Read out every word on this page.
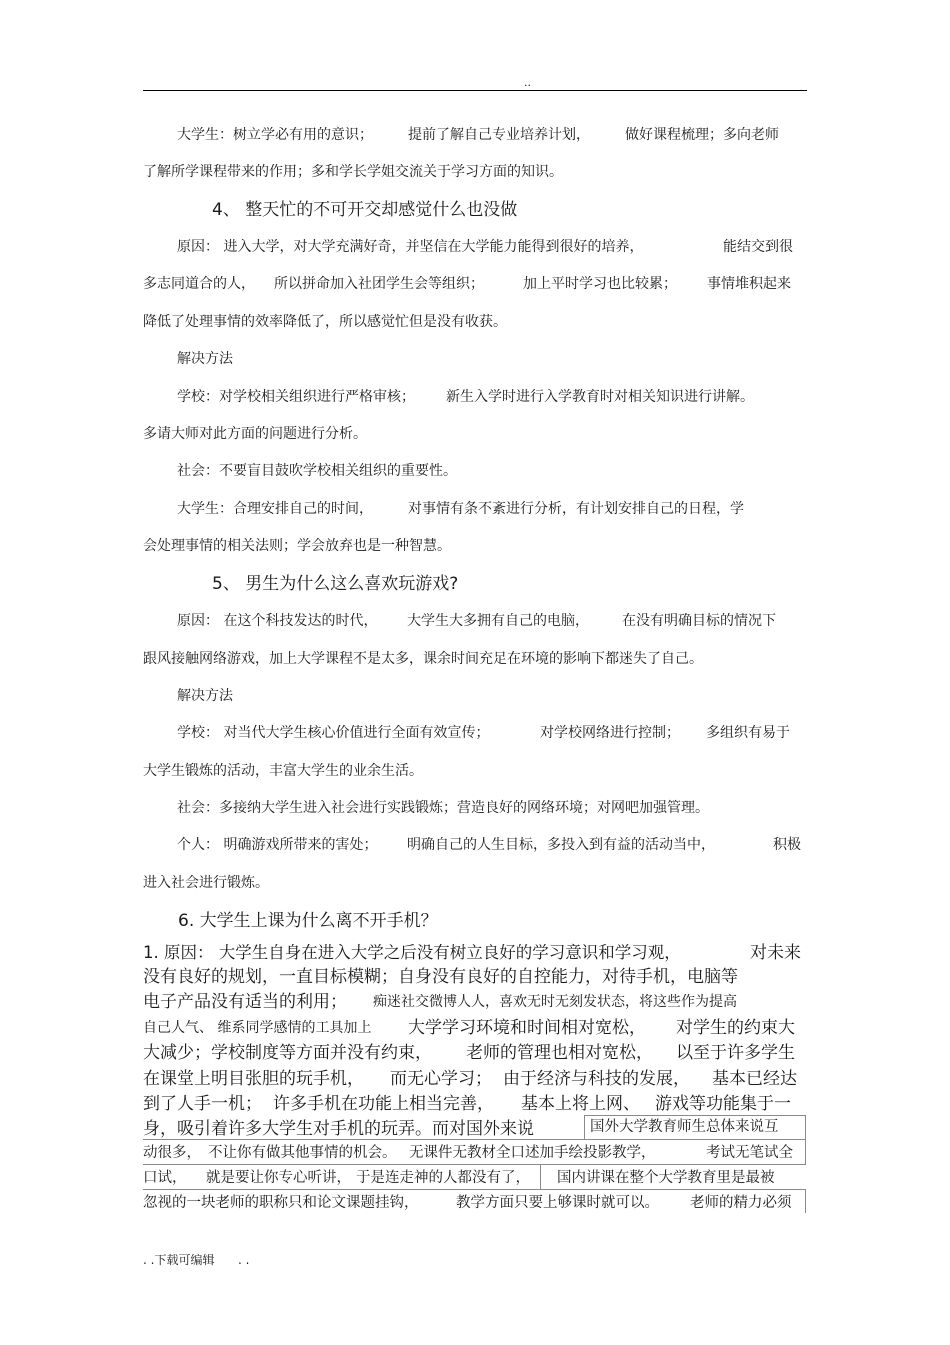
..
大学生：树立学必有用的意识；	提前了解自己专业培养计划，	做好课程梳理；多向老师
了解所学课程带来的作用；多和学长学姐交流关于学习方面的知识。
4、 整天忙的不可开交却感觉什么也没做
原因： 进入大学，对大学充满好奇，并坚信在大学能力能得到很好的培养，	能结交到很
多志同道合的人， 所以拼命加入社团学生会等组织；	加上平时学习也比较累； 事情堆积起来
降低了处理事情的效率降低了，所以感觉忙但是没有收获。
解决方法
学校：对学校相关组织进行严格审核； 新生入学时进行入学教育时对相关知识进行讲解。
多请大师对此方面的问题进行分析。
社会：不要盲目鼓吹学校相关组织的重要性。
大学生：合理安排自己的时间，	对事情有条不紊进行分析，有计划安排自己的日程，学
会处理事情的相关法则；学会放弃也是一种智慧。
5、 男生为什么这么喜欢玩游戏?
原因： 在这个科技发达的时代， 大学生大多拥有自己的电脑， 在没有明确目标的情况下
跟风接触网络游戏，加上大学课程不是太多，课余时间充足在环境的影响下都迷失了自己。
解决方法
学校： 对当代大学生核心价值进行全面有效宣传；	对学校网络进行控制； 多组织有易于
大学生锻炼的活动，丰富大学生的业余生活。
社会：多接纳大学生进入社会进行实践锻炼；营造良好的网络环境；对网吧加强管理。
个人： 明确游戏所带来的害处； 明确自己的人生目标，多投入到有益的活动当中，	积极
进入社会进行锻炼。
6. 大学生上课为什么离不开手机？
1. 原因： 大学生自身在进入大学之后没有树立良好的学习意识和学习观，	对未来
没有良好的规划，一直目标模糊；自身没有良好的自控能力，对待手机，电脑等
电子产品没有适当的利用； 痴迷社交微博人人，喜欢无时无刻发状态，将这些作为提高
自己人气、 维系同学感情的工具加上 大学学习环境和时间相对宽松， 对学生的约束大
大减少；学校制度等方面并没有约束， 老师的管理也相对宽松， 以至于许多学生
在课堂上明目张胆的玩手机， 而无心学习； 由于经济与科技的发展， 基本已经达
到了人手一机； 许多手机在功能上相当完善， 基本上将上网、 游戏等功能集于一
身，吸引着许多大学生对手机的玩弄。而对国外来说	国外大学教育师生总体来说互
动很多， 不让你有做其他事情的机会。 无课件无教材全口述加手绘投影教学，	考试无笔试全
口试， 就是要让你专心听讲， 于是连走神的人都没有了， 国内讲课在整个大学教育里是最被
忽视的一块老师的职称只和论文课题挂钩，	教学方面只要上够课时就可以。 老师的精力必须
. .下载可编辑 . .
